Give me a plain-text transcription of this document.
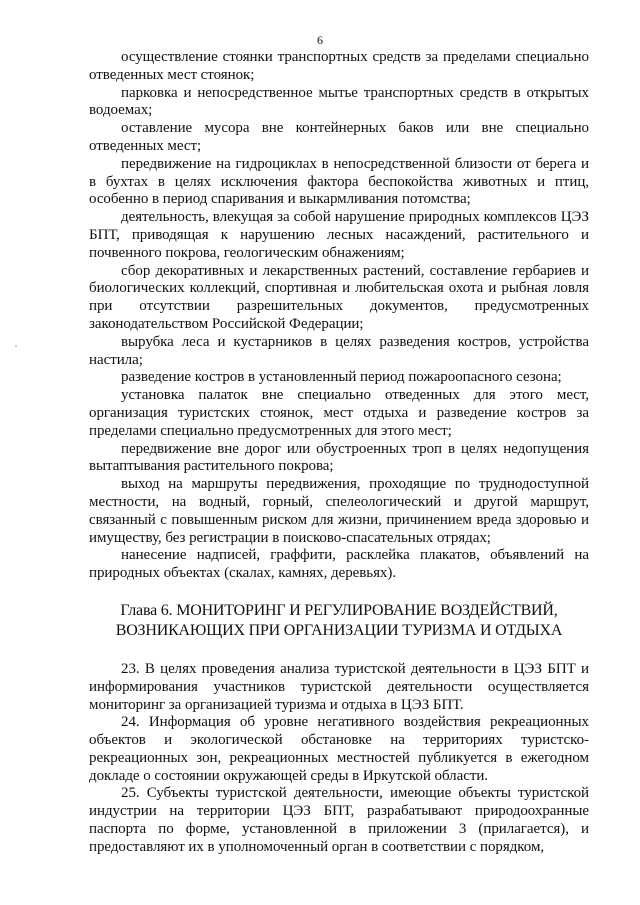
6

осуществление стоянки транспортных средств за пределами специально отведенных мест стоянок;

парковка и непосредственное мытье транспортных средств в открытых водоемах;

оставление мусора вне контейнерных баков или вне специально отведенных мест;

передвижение на гидроциклах в непосредственной близости от берега и в бухтах в целях исключения фактора беспокойства животных и птиц, особенно в период спаривания и выкармливания потомства;

деятельность, влекущая за собой нарушение природных комплексов ЦЭЗ БПТ, приводящая к нарушению лесных насаждений, растительного и почвенного покрова, геологическим обнажениям;

сбор декоративных и лекарственных растений, составление гербариев и биологических коллекций, спортивная и любительская охота и рыбная ловля при отсутствии разрешительных документов, предусмотренных законодательством Российской Федерации;

вырубка леса и кустарников в целях разведения костров, устройства настила;

разведение костров в установленный период пожароопасного сезона;

установка палаток вне специально отведенных для этого мест, организация туристских стоянок, мест отдыха и разведение костров за пределами специально предусмотренных для этого мест;

передвижение вне дорог или обустроенных троп в целях недопущения вытаптывания растительного покрова;

выход на маршруты передвижения, проходящие по труднодоступной местности, на водный, горный, спелеологический и другой маршрут, связанный с повышенным риском для жизни, причинением вреда здоровью и имуществу, без регистрации в поисково-спасательных отрядах;

нанесение надписей, граффити, расклейка плакатов, объявлений на природных объектах (скалах, камнях, деревьях).

Глава 6. МОНИТОРИНГ И РЕГУЛИРОВАНИЕ ВОЗДЕЙСТВИЙ,
ВОЗНИКАЮЩИХ ПРИ ОРГАНИЗАЦИИ ТУРИЗМА И ОТДЫХА

23. В целях проведения анализа туристской деятельности в ЦЭЗ БПТ и информирования участников туристской деятельности осуществляется мониторинг за организацией туризма и отдыха в ЦЭЗ БПТ.

24. Информация об уровне негативного воздействия рекреационных объектов и экологической обстановке на территориях туристско-рекреационных зон, рекреационных местностей публикуется в ежегодном докладе о состоянии окружающей среды в Иркутской области.

25. Субъекты туристской деятельности, имеющие объекты туристской индустрии на территории ЦЭЗ БПТ, разрабатывают природоохранные паспорта по форме, установленной в приложении 3 (прилагается), и предоставляют их в уполномоченный орган в соответствии с порядком,
